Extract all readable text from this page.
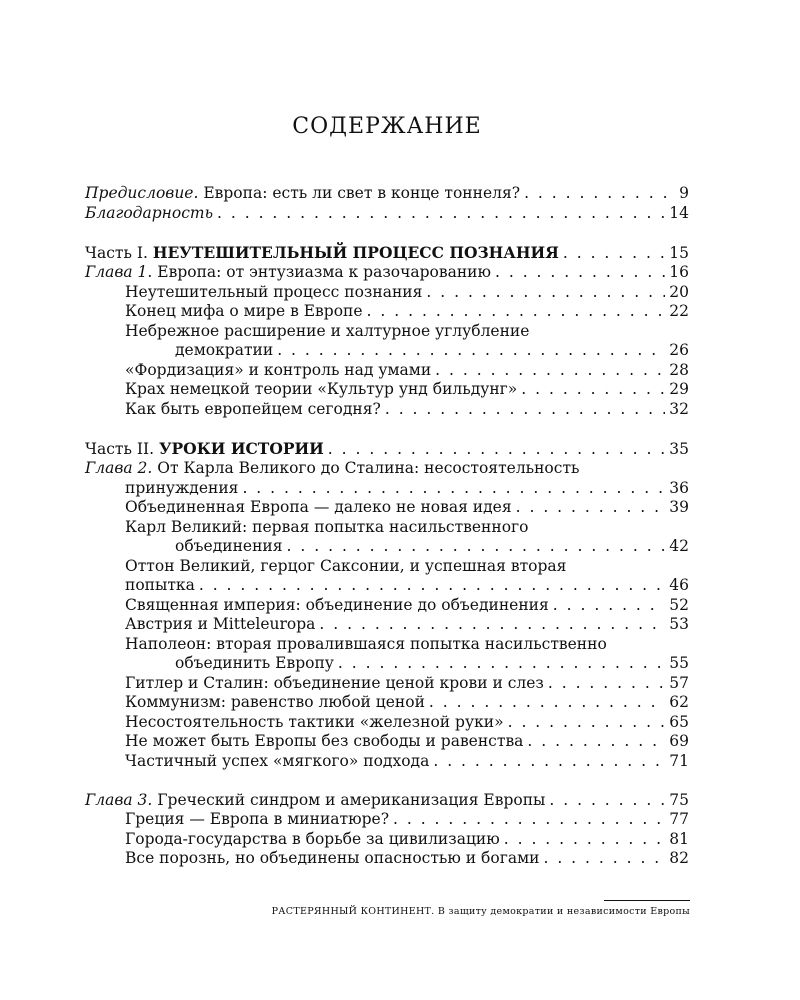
СОДЕРЖАНИЕ
Предисловие. Европа: есть ли свет в конце тоннеля? . . .	9
Благодарность . . .	14
Часть I. НЕУТЕШИТЕЛЬНЫЙ ПРОЦЕСС ПОЗНАНИЯ . . .	15
Глава 1. Европа: от энтузиазма к разочарованию . . .	16
Неутешительный процесс познания . . .	20
Конец мифа о мире в Европе . . .	22
Небрежное расширение и халтурное углубление
демократии . . .	26
«Фордизация» и контроль над умами . . .	28
Крах немецкой теории «Культур унд бильдунг» . . .	29
Как быть европейцем сегодня? . . .	32
Часть II. УРОКИ ИСТОРИИ . . .	35
Глава 2. От Карла Великого до Сталина: несостоятельность
принуждения . . .	36
Объединенная Европа — далеко не новая идея . . .	39
Карл Великий: первая попытка насильственного
объединения . . .	42
Оттон Великий, герцог Саксонии, и успешная вторая
попытка . . .	46
Священная империя: объединение до объединения . . .	52
Австрия и Mitteleuropa . . .	53
Наполеон: вторая провалившаяся попытка насильственно
объединить Европу . . .	55
Гитлер и Сталин: объединение ценой крови и слез . . .	57
Коммунизм: равенство любой ценой . . .	62
Несостоятельность тактики «железной руки» . . .	65
Не может быть Европы без свободы и равенства . . .	69
Частичный успех «мягкого» подхода . . .	71
Глава 3. Греческий синдром и американизация Европы . . .	75
Греция — Европа в миниатюре? . . .	77
Города-государства в борьбе за цивилизацию . . .	81
Все порознь, но объединены опасностью и богами . . .	82
РАСТЕРЯННЫЙ КОНТИНЕНТ. В защиту демократии и независимости Европы
